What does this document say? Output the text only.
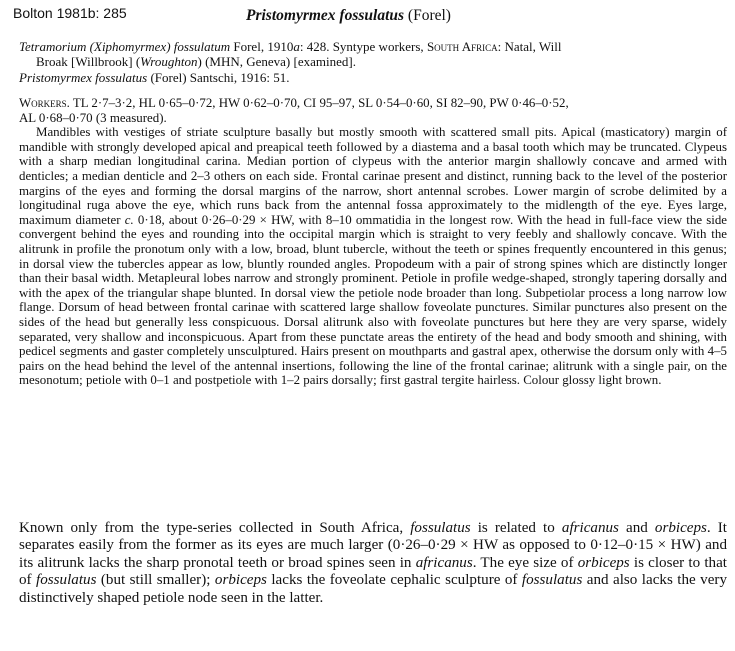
Bolton 1981b: 285	Pristomyrmex fossulatus (Forel)
Tetramorium (Xiphomyrmex) fossulatum Forel, 1910a: 428. Syntype workers, South Africa: Natal, Will
Broak [Willbrook] (Wroughton) (MHN, Geneva) [examined].
Pristomyrmex fossulatus (Forel) Santschi, 1916: 51.

Workers. TL 2·7–3·2, HL 0·65–0·72, HW 0·62–0·70, CI 95–97, SL 0·54–0·60, SI 82–90, PW 0·46–0·52,
AL 0·68–0·70 (3 measured).

Mandibles with vestiges of striate sculpture basally but mostly smooth with scattered small pits. Apical (masticatory) margin of mandible with strongly developed apical and preapical teeth followed by a diastema and a basal tooth which may be truncated. Clypeus with a sharp median longitudinal carina. Median portion of clypeus with the anterior margin shallowly concave and armed with denticles; a median denticle and 2–3 others on each side. Frontal carinae present and distinct, running back to the level of the posterior margins of the eyes and forming the dorsal margins of the narrow, short antennal scrobes. Lower margin of scrobe delimited by a longitudinal ruga above the eye, which runs back from the antennal fossa approximately to the midlength of the eye. Eyes large, maximum diameter c. 0·18, about 0·26–0·29 × HW, with 8–10 ommatidia in the longest row. With the head in full-face view the side convergent behind the eyes and rounding into the occipital margin which is straight to very feebly and shallowly concave. With the alitrunk in profile the pronotum only with a low, broad, blunt tubercle, without the teeth or spines frequently encountered in this genus; in dorsal view the tubercles appear as low, bluntly rounded angles. Propodeum with a pair of strong spines which are distinctly longer than their basal width. Metapleural lobes narrow and strongly prominent. Petiole in profile wedge-shaped, strongly tapering dorsally and with the apex of the triangular shape blunted. In dorsal view the petiole node broader than long. Subpetiolar process a long narrow low flange. Dorsum of head between frontal carinae with scattered large shallow foveolate punctures. Similar punctures also present on the sides of the head but generally less conspicuous. Dorsal alitrunk also with foveolate punctures but here they are very sparse, widely separated, very shallow and inconspicuous. Apart from these punctate areas the entirety of the head and body smooth and shining, with pedicel segments and gaster completely unsculptured. Hairs present on mouthparts and gastral apex, otherwise the dorsum only with 4–5 pairs on the head behind the level of the antennal insertions, following the line of the frontal carinae; alitrunk with a single pair, on the mesonotum; petiole with 0–1 and postpetiole with 1–2 pairs dorsally; first gastral tergite hairless. Colour glossy light brown.

Known only from the type-series collected in South Africa, fossulatus is related to africanus and orbiceps. It separates easily from the former as its eyes are much larger (0·26–0·29 × HW as opposed to 0·12–0·15 × HW) and its alitrunk lacks the sharp pronotal teeth or broad spines seen in africanus. The eye size of orbiceps is closer to that of fossulatus (but still smaller); orbiceps lacks the foveolate cephalic sculpture of fossulatus and also lacks the very distinctively shaped petiole node seen in the latter.
